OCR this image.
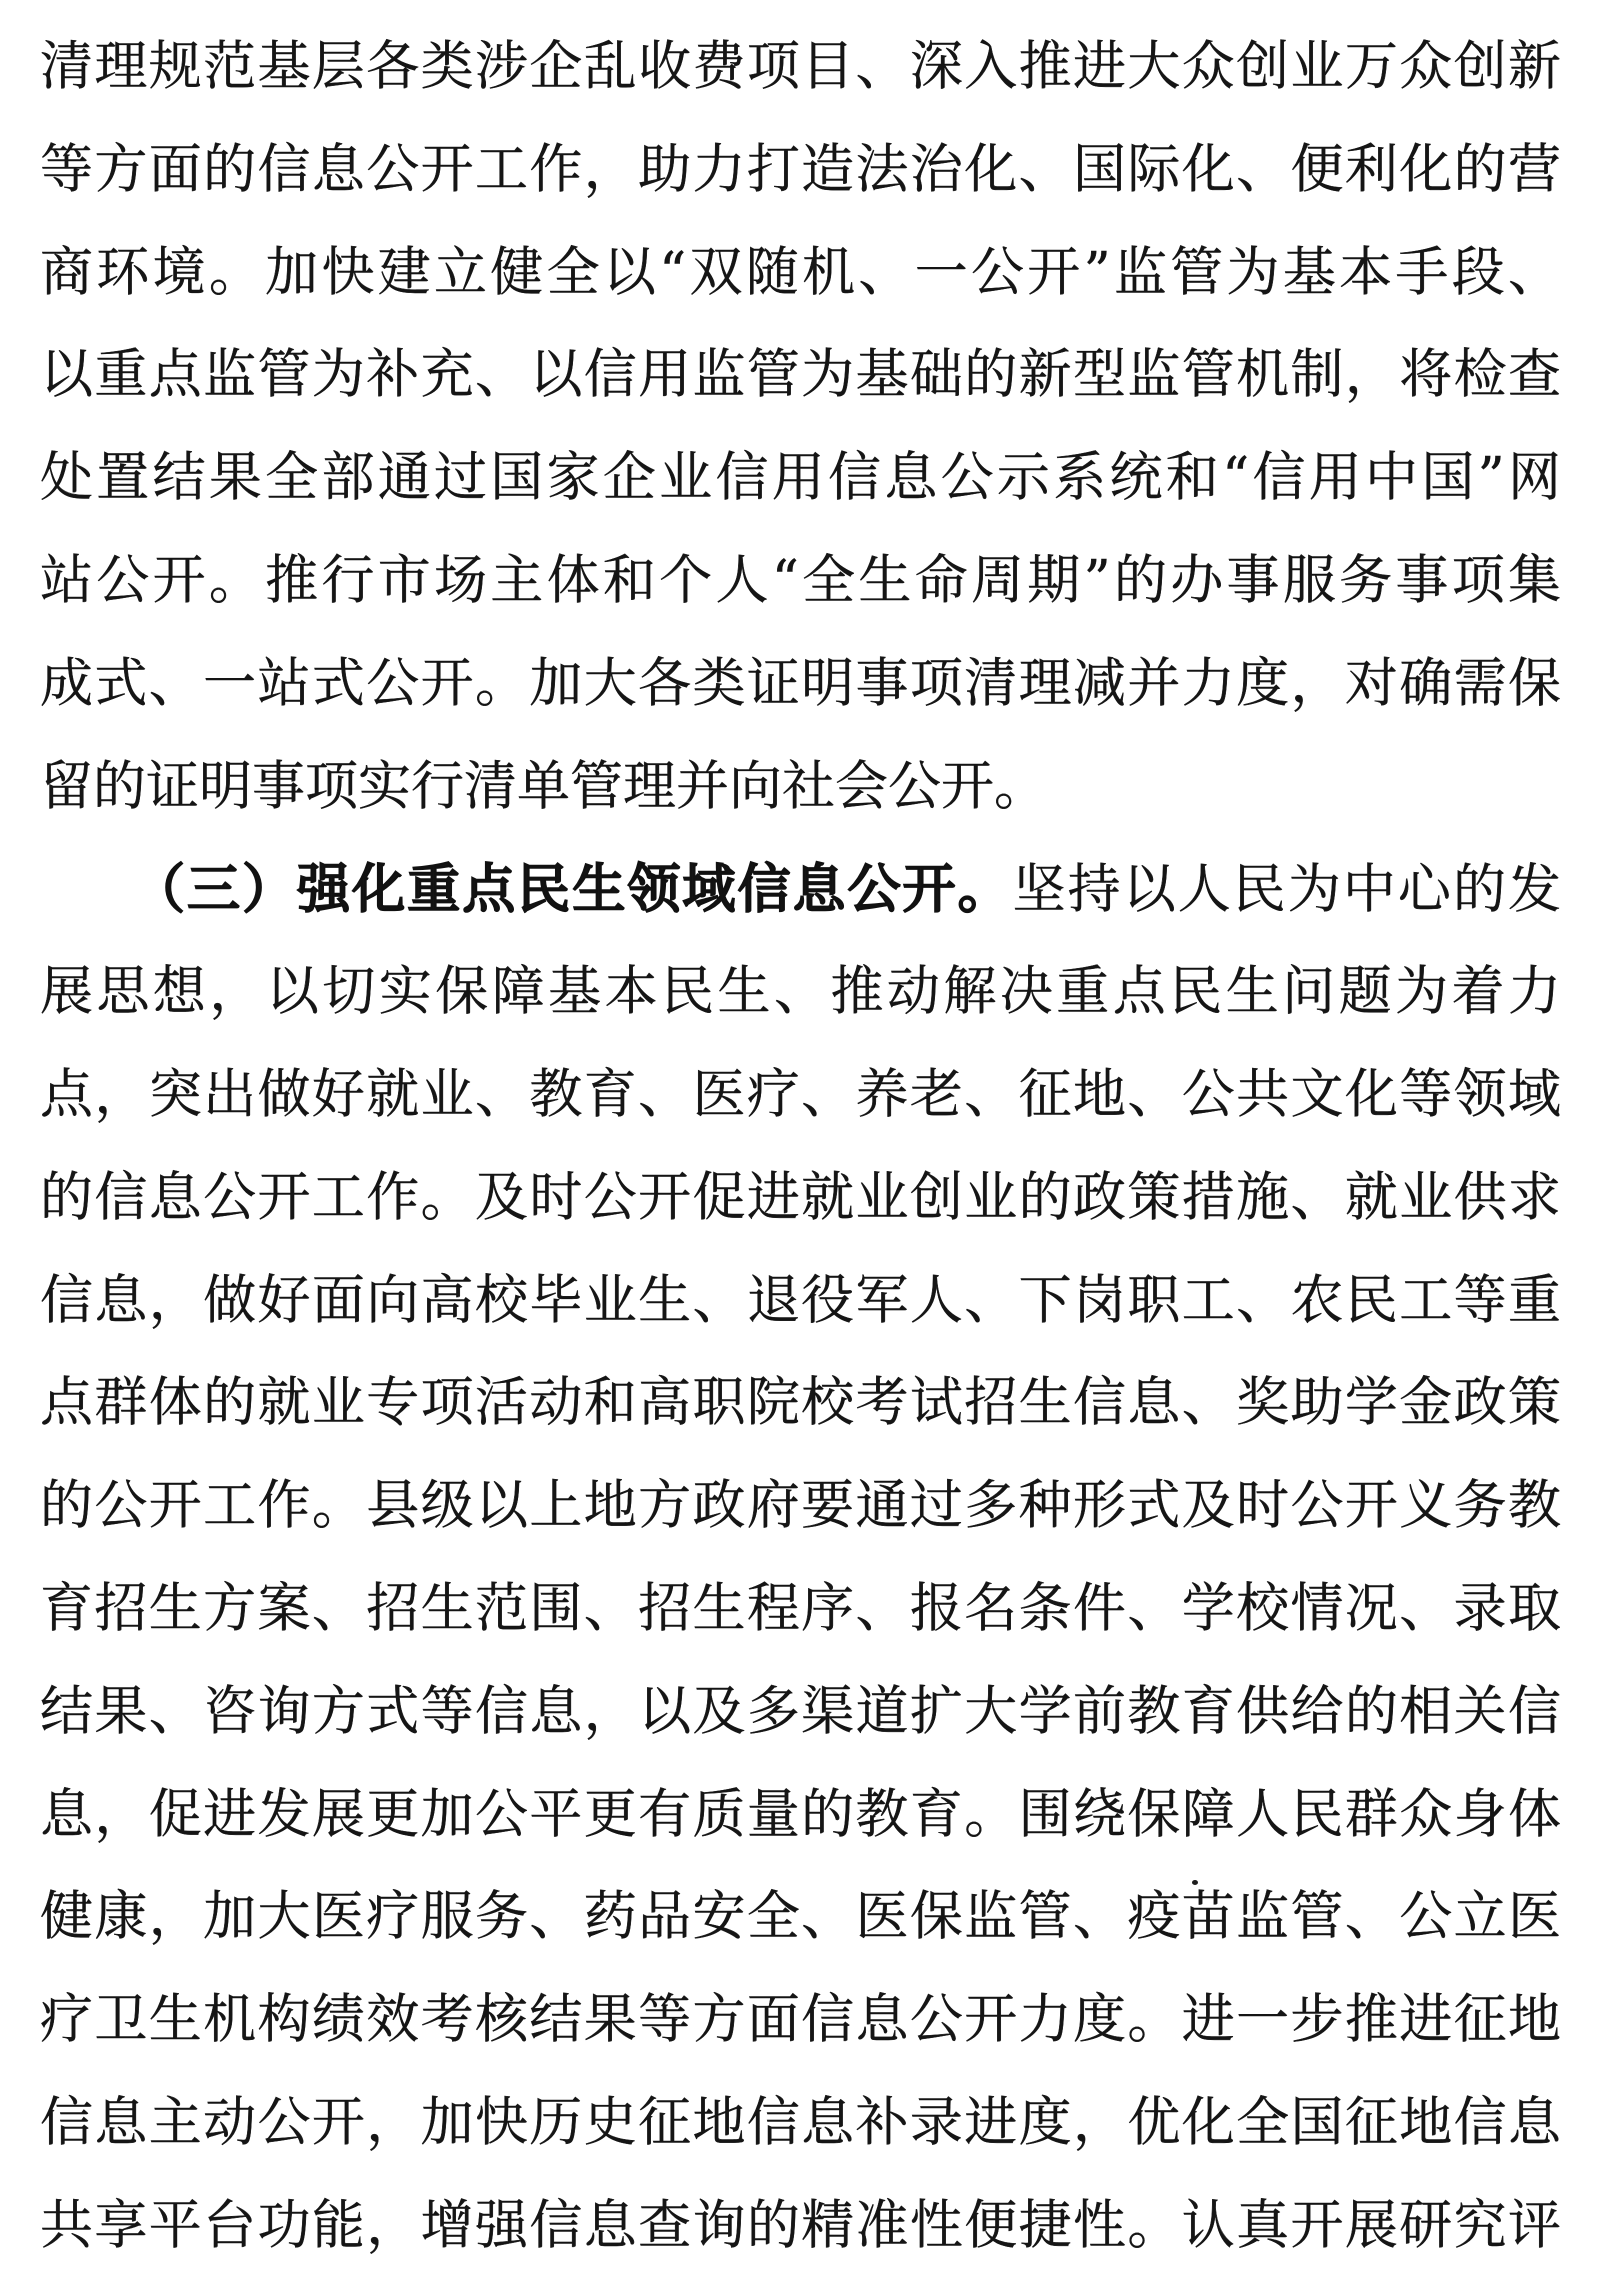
清理规范基层各类涉企乱收费项目、深入推进大众创业万众创新
等方面的信息公开工作，助力打造法治化、国际化、便利化的营
商环境。加快建立健全以“双随机、一公开”监管为基本手段、
以重点监管为补充、以信用监管为基础的新型监管机制，将检查
处置结果全部通过国家企业信用信息公示系统和“信用中国”网
站公开。推行市场主体和个人“全生命周期”的办事服务事项集
成式、一站式公开。加大各类证明事项清理减并力度，对确需保
留的证明事项实行清单管理并向社会公开。
（三）强化重点民生领域信息公开。坚持以人民为中心的发
展思想，以切实保障基本民生、推动解决重点民生问题为着力
点，突出做好就业、教育、医疗、养老、征地、公共文化等领域
的信息公开工作。及时公开促进就业创业的政策措施、就业供求
信息，做好面向高校毕业生、退役军人、下岗职工、农民工等重
点群体的就业专项活动和高职院校考试招生信息、奖助学金政策
的公开工作。县级以上地方政府要通过多种形式及时公开义务教
育招生方案、招生范围、招生程序、报名条件、学校情况、录取
结果、咨询方式等信息，以及多渠道扩大学前教育供给的相关信
息，促进发展更加公平更有质量的教育。围绕保障人民群众身体
健康，加大医疗服务、药品安全、医保监管、疫苗监管、公立医
疗卫生机构绩效考核结果等方面信息公开力度。进一步推进征地
信息主动公开，加快历史征地信息补录进度，优化全国征地信息
共享平台功能，增强信息查询的精准性便捷性。认真开展研究评
